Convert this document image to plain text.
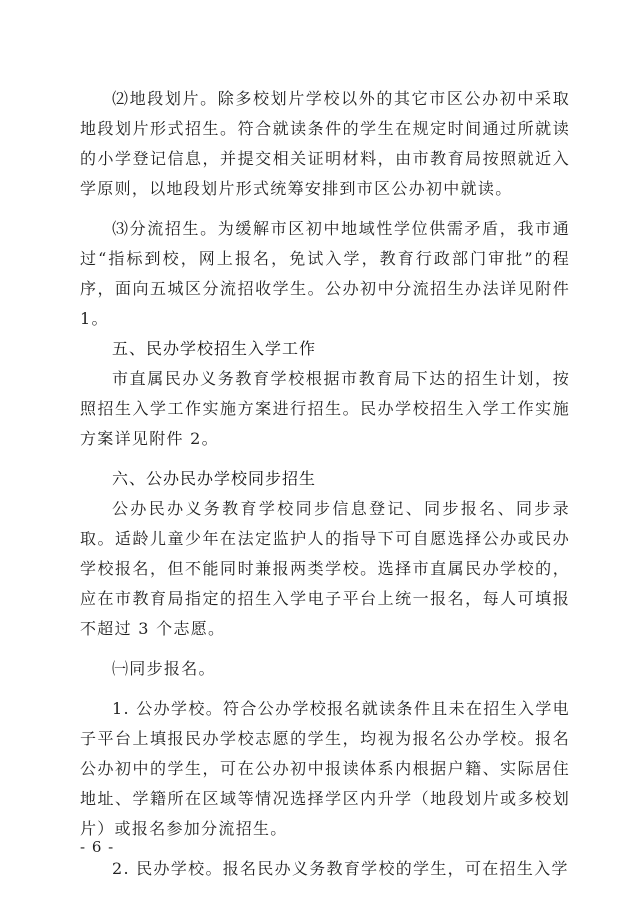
⑵地段划片。除多校划片学校以外的其它市区公办初中采取地段划片形式招生。符合就读条件的学生在规定时间通过所就读的小学登记信息，并提交相关证明材料，由市教育局按照就近入学原则，以地段划片形式统筹安排到市区公办初中就读。

⑶分流招生。为缓解市区初中地域性学位供需矛盾，我市通过“指标到校，网上报名，免试入学，教育行政部门审批”的程序，面向五城区分流招收学生。公办初中分流招生办法详见附件 1。

五、民办学校招生入学工作

市直属民办义务教育学校根据市教育局下达的招生计划，按照招生入学工作实施方案进行招生。民办学校招生入学工作实施方案详见附件 2。

六、公办民办学校同步招生

公办民办义务教育学校同步信息登记、同步报名、同步录取。适龄儿童少年在法定监护人的指导下可自愿选择公办或民办学校报名，但不能同时兼报两类学校。选择市直属民办学校的，应在市教育局指定的招生入学电子平台上统一报名，每人可填报不超过 3 个志愿。

㈠同步报名。

1. 公办学校。符合公办学校报名就读条件且未在招生入学电子平台上填报民办学校志愿的学生，均视为报名公办学校。报名公办初中的学生，可在公办初中报读体系内根据户籍、实际居住地址、学籍所在区域等情况选择学区内升学（地段划片或多校划片）或报名参加分流招生。

2. 民办学校。报名民办义务教育学校的学生，可在招生入学

- 6 -
